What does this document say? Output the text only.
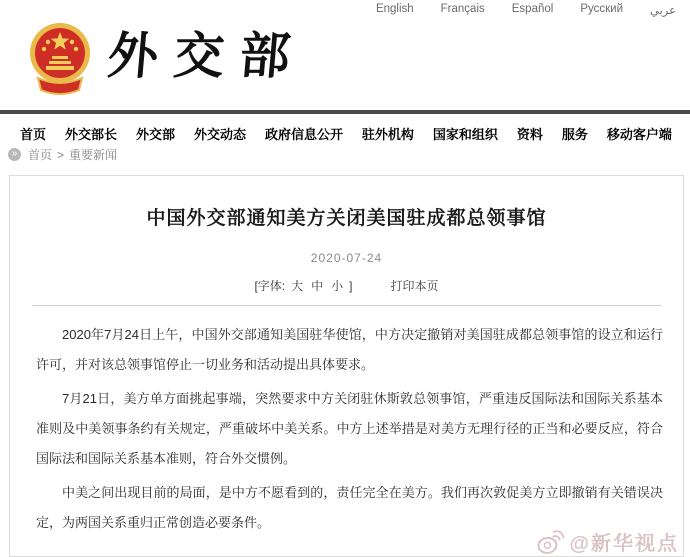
English Français Español Русский عربي
外交部
首页 外交部长 外交部 外交动态 政府信息公开 驻外机构 国家和组织 资料 服务 移动客户端
» 首页 > 重要新闻
中国外交部通知美方关闭美国驻成都总领事馆
2020-07-24
[字体: 大 中 小 ]	打印本页

2020年7月24日上午，中国外交部通知美国驻华使馆，中方决定撤销对美国驻成都总领事馆的设立和运行许可，并对该总领事馆停止一切业务和活动提出具体要求。

7月21日，美方单方面挑起事端，突然要求中方关闭驻休斯敦总领事馆，严重违反国际法和国际关系基本准则及中美领事条约有关规定，严重破坏中美关系。中方上述举措是对美方无理行径的正当和必要反应，符合国际法和国际关系基本准则，符合外交惯例。

中美之间出现目前的局面，是中方不愿看到的，责任完全在美方。我们再次敦促美方立即撤销有关错误决定，为两国关系重归正常创造必要条件。

@新华视点
